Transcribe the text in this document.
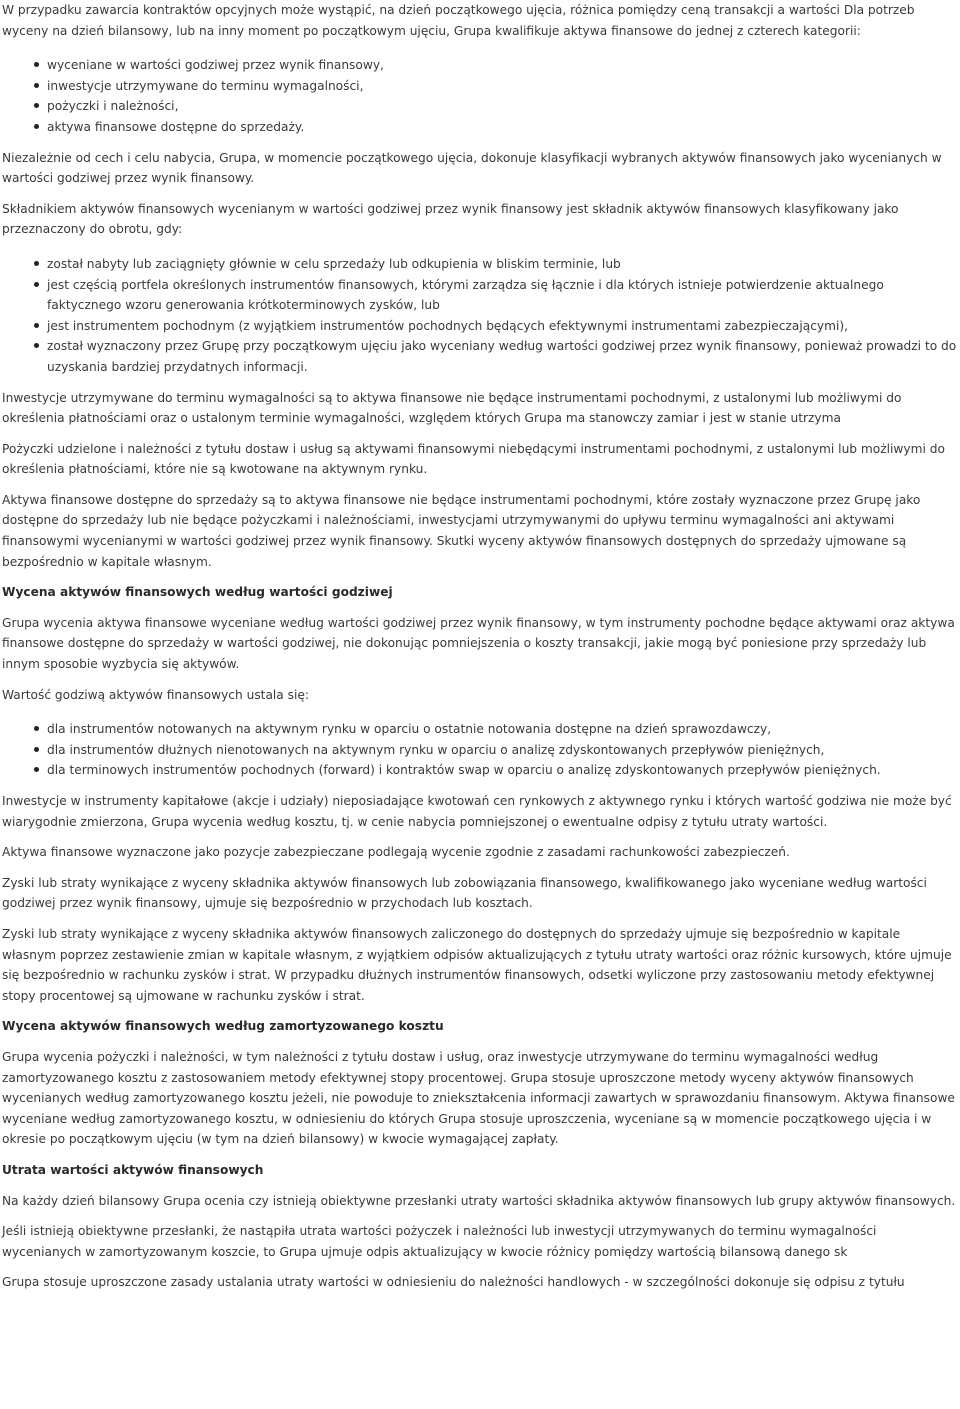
W przypadku zawarcia kontraktów opcyjnych może wystąpić, na dzień początkowego ujęcia, różnica pomiędzy ceną transakcji a wartości Dla potrzeb wyceny na dzień bilansowy, lub na inny moment po początkowym ujęciu, Grupa kwalifikuje aktywa finansowe do jednej z czterech kategorii:

wyceniane w wartości godziwej przez wynik finansowy,
inwestycje utrzymywane do terminu wymagalności,
pożyczki i należności,
aktywa finansowe dostępne do sprzedaży.

Niezależnie od cech i celu nabycia, Grupa, w momencie początkowego ujęcia, dokonuje klasyfikacji wybranych aktywów finansowych jako wycenianych w wartości godziwej przez wynik finansowy.

Składnikiem aktywów finansowych wycenianym w wartości godziwej przez wynik finansowy jest składnik aktywów finansowych klasyfikowany jako przeznaczony do obrotu, gdy:

został nabyty lub zaciągnięty głównie w celu sprzedaży lub odkupienia w bliskim terminie, lub
jest częścią portfela określonych instrumentów finansowych, którymi zarządza się łącznie i dla których istnieje potwierdzenie aktualnego faktycznego wzoru generowania krótkoterminowych zysków, lub
jest instrumentem pochodnym (z wyjątkiem instrumentów pochodnych będących efektywnymi instrumentami zabezpieczającymi),
został wyznaczony przez Grupę przy początkowym ujęciu jako wyceniany według wartości godziwej przez wynik finansowy, ponieważ prowadzi to do uzyskania bardziej przydatnych informacji.

Inwestycje utrzymywane do terminu wymagalności są to aktywa finansowe nie będące instrumentami pochodnymi, z ustalonymi lub możliwymi do określenia płatnościami oraz o ustalonym terminie wymagalności, względem których Grupa ma stanowczy zamiar i jest w stanie utrzyma

Pożyczki udzielone i należności z tytułu dostaw i usług są aktywami finansowymi niebędącymi instrumentami pochodnymi, z ustalonymi lub możliwymi do określenia płatnościami, które nie są kwotowane na aktywnym rynku.

Aktywa finansowe dostępne do sprzedaży są to aktywa finansowe nie będące instrumentami pochodnymi, które zostały wyznaczone przez Grupę jako dostępne do sprzedaży lub nie będące pożyczkami i należnościami, inwestycjami utrzymywanymi do upływu terminu wymagalności ani aktywami finansowymi wycenianymi w wartości godziwej przez wynik finansowy. Skutki wyceny aktywów finansowych dostępnych do sprzedaży ujmowane są bezpośrednio w kapitale własnym.

Wycena aktywów finansowych według wartości godziwej

Grupa wycenia aktywa finansowe wyceniane według wartości godziwej przez wynik finansowy, w tym instrumenty pochodne będące aktywami oraz aktywa finansowe dostępne do sprzedaży w wartości godziwej, nie dokonując pomniejszenia o koszty transakcji, jakie mogą być poniesione przy sprzedaży lub innym sposobie wyzbycia się aktywów.

Wartość godziwą aktywów finansowych ustala się:

dla instrumentów notowanych na aktywnym rynku w oparciu o ostatnie notowania dostępne na dzień sprawozdawczy,
dla instrumentów dłużnych nienotowanych na aktywnym rynku w oparciu o analizę zdyskontowanych przepływów pieniężnych,
dla terminowych instrumentów pochodnych (forward) i kontraktów swap w oparciu o analizę zdyskontowanych przepływów pieniężnych.

Inwestycje w instrumenty kapitałowe (akcje i udziały) nieposiadające kwotowań cen rynkowych z aktywnego rynku i których wartość godziwa nie może być wiarygodnie zmierzona, Grupa wycenia według kosztu, tj. w cenie nabycia pomniejszonej o ewentualne odpisy z tytułu utraty wartości.

Aktywa finansowe wyznaczone jako pozycje zabezpieczane podlegają wycenie zgodnie z zasadami rachunkowości zabezpieczeń.

Zyski lub straty wynikające z wyceny składnika aktywów finansowych lub zobowiązania finansowego, kwalifikowanego jako wyceniane według wartości godziwej przez wynik finansowy, ujmuje się bezpośrednio w przychodach lub kosztach.

Zyski lub straty wynikające z wyceny składnika aktywów finansowych zaliczonego do dostępnych do sprzedaży ujmuje się bezpośrednio w kapitale własnym poprzez zestawienie zmian w kapitale własnym, z wyjątkiem odpisów aktualizujących z tytułu utraty wartości oraz różnic kursowych, które ujmuje się bezpośrednio w rachunku zysków i strat. W przypadku dłużnych instrumentów finansowych, odsetki wyliczone przy zastosowaniu metody efektywnej stopy procentowej są ujmowane w rachunku zysków i strat.

Wycena aktywów finansowych według zamortyzowanego kosztu

Grupa wycenia pożyczki i należności, w tym należności z tytułu dostaw i usług, oraz inwestycje utrzymywane do terminu wymagalności według zamortyzowanego kosztu z zastosowaniem metody efektywnej stopy procentowej. Grupa stosuje uproszczone metody wyceny aktywów finansowych wycenianych według zamortyzowanego kosztu jeżeli, nie powoduje to zniekształcenia informacji zawartych w sprawozdaniu finansowym. Aktywa finansowe wyceniane według zamortyzowanego kosztu, w odniesieniu do których Grupa stosuje uproszczenia, wyceniane są w momencie początkowego ujęcia i w okresie po początkowym ujęciu (w tym na dzień bilansowy) w kwocie wymagającej zapłaty.

Utrata wartości aktywów finansowych

Na każdy dzień bilansowy Grupa ocenia czy istnieją obiektywne przesłanki utraty wartości składnika aktywów finansowych lub grupy aktywów finansowych.

Jeśli istnieją obiektywne przesłanki, że nastąpiła utrata wartości pożyczek i należności lub inwestycji utrzymywanych do terminu wymagalności wycenianych w zamortyzowanym koszcie, to Grupa ujmuje odpis aktualizujący w kwocie różnicy pomiędzy wartością bilansową danego sk

Grupa stosuje uproszczone zasady ustalania utraty wartości w odniesieniu do należności handlowych - w szczególności dokonuje się odpisu z tytułu
